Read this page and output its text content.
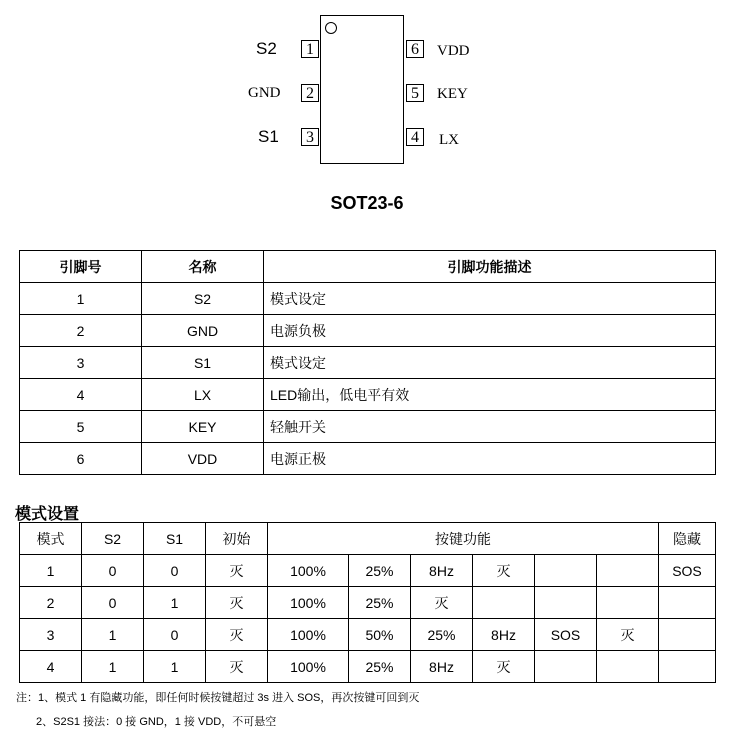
S2	1
GND	2
S1	3
6	VDD
5	KEY
4	LX
SOT23-6
引脚号	名称	引脚功能描述
1	S2	模式设定
2	GND	电源负极
3	S1	模式设定
4	LX	LED输出，低电平有效
5	KEY	轻触开关
6	VDD	电源正极
模式设置
模式	S2	S1	初始	按键功能						隐藏
1	0	0	灭	100%	25%	8Hz	灭			SOS
2	0	1	灭	100%	25%	灭				
3	1	0	灭	100%	50%	25%	8Hz	SOS	灭	
4	1	1	灭	100%	25%	8Hz	灭			
注：1、模式 1 有隐藏功能，即任何时候按键超过 3s 进入 SOS，再次按键可回到灭
2、S2S1 接法：0 接 GND，1 接 VDD，不可悬空
